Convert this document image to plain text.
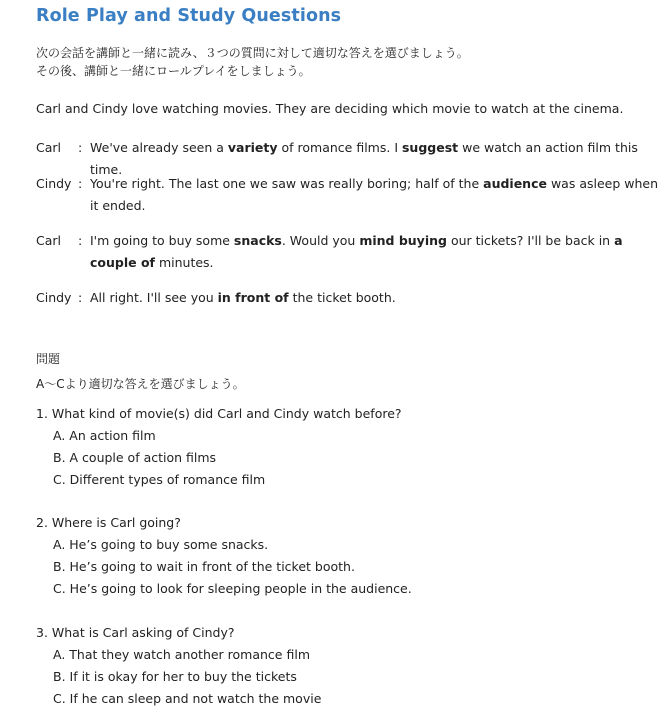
Role Play and Study Questions
次の会話を講師と一緒に読み、３つの質問に対して適切な答えを選びましょう。
その後、講師と一緒にロールプレイをしましょう。
Carl and Cindy love watching movies. They are deciding which movie to watch at the cinema.
Carl	: We've already seen a variety of romance films. I suggest we watch an action film this time.
Cindy : You're right. The last one we saw was really boring; half of the audience was asleep when it ended.
Carl	: I'm going to buy some snacks. Would you mind buying our tickets? I'll be back in a couple of minutes.
Cindy : All right. I'll see you in front of the ticket booth.
問題
A～Cより適切な答えを選びましょう。
1. What kind of movie(s) did Carl and Cindy watch before?
A. An action film
B. A couple of action films
C. Different types of romance film
2. Where is Carl going?
A. He’s going to buy some snacks.
B. He’s going to wait in front of the ticket booth.
C. He’s going to look for sleeping people in the audience.
3. What is Carl asking of Cindy?
A. That they watch another romance film
B. If it is okay for her to buy the tickets
C. If he can sleep and not watch the movie
